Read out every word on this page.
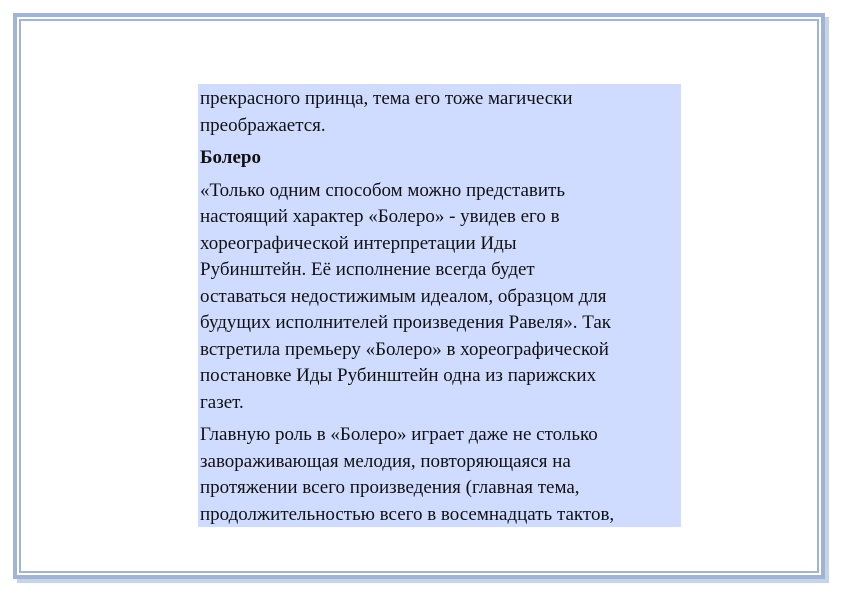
прекрасного принца, тема его тоже магически
преображается.

Болеро

«Только одним способом можно представить
настоящий характер «Болеро» - увидев его в
хореографической интерпретации Иды
Рубинштейн. Её исполнение всегда будет
оставаться недостижимым идеалом, образцом для
будущих исполнителей произведения Равеля». Так
встретила премьеру «Болеро» в хореографической
постановке Иды Рубинштейн одна из парижских
газет.

Главную роль в «Болеро» играет даже не столько
завораживающая мелодия, повторяющаяся на
протяжении всего произведения (главная тема,
продолжительностью всего в восемнадцать тактов,
